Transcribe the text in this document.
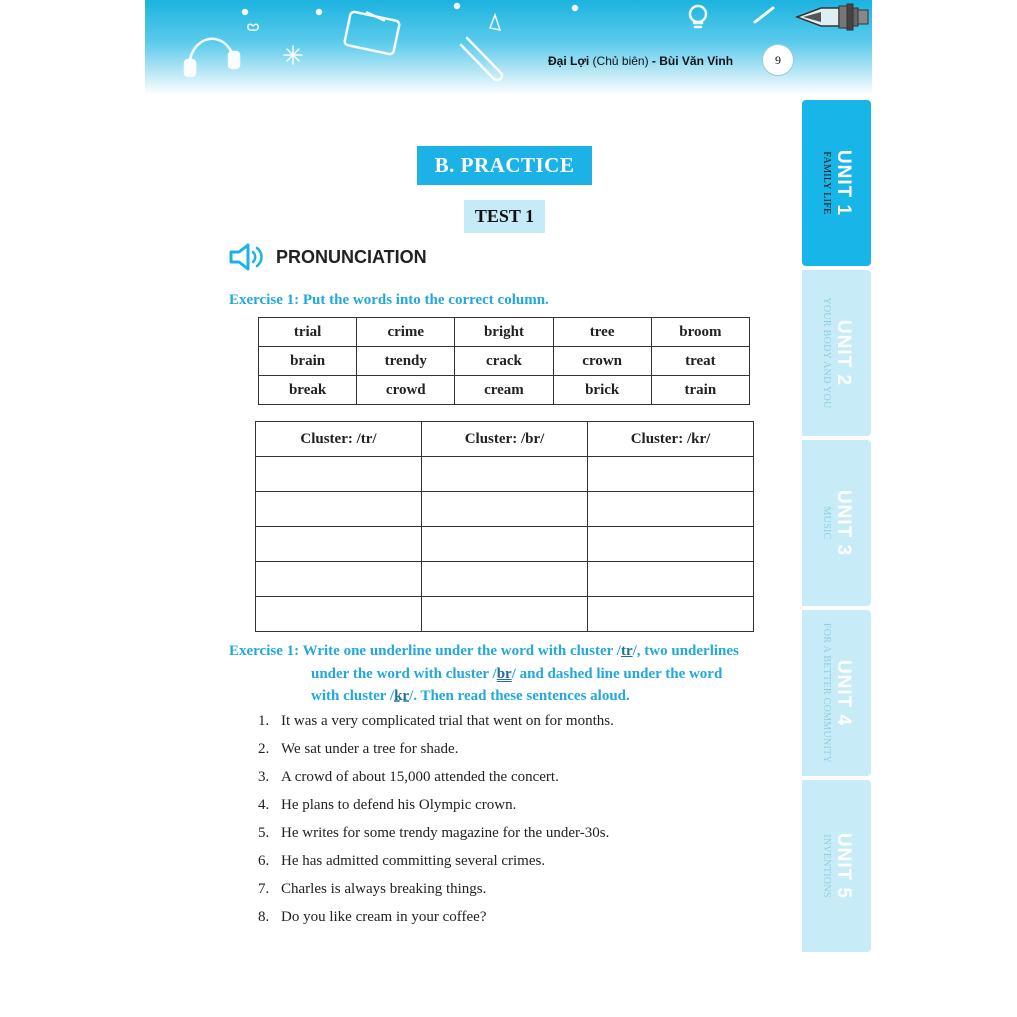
Đại Lợi (Chủ biên) - Bùi Văn Vinh	9
UNIT 1
FAMILY LIFE
UNIT 2
YOUR BODY AND YOU
UNIT 3
MUSIC
UNIT 4
FOR A BETTER COMMUNITY
UNIT 5
INVENTIONS
B. PRACTICE
TEST 1
PRONUNCIATION
Exercise 1: Put the words into the correct column.
trial	crime	bright	tree	broom
brain	trendy	crack	crown	treat
break	crowd	cream	brick	train
Cluster: /tr/	Cluster: /br/	Cluster: /kr/

Exercise 1: Write one underline under the word with cluster /tr/, two underlines
under the word with cluster /br/ and dashed line under the word
with cluster /kr/. Then read these sentences aloud.
1. It was a very complicated trial that went on for months.
2. We sat under a tree for shade.
3. A crowd of about 15,000 attended the concert.
4. He plans to defend his Olympic crown.
5. He writes for some trendy magazine for the under-30s.
6. He has admitted committing several crimes.
7. Charles is always breaking things.
8. Do you like cream in your coffee?
